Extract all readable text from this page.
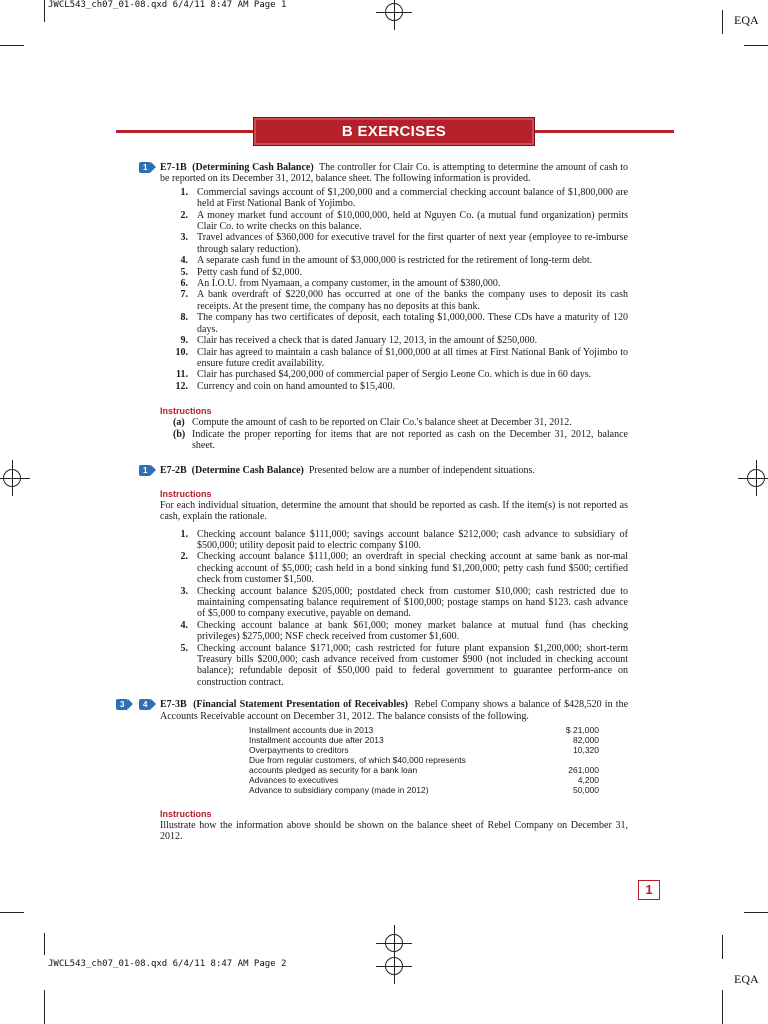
JWCL543_ch07_01-08.qxd 6/4/11 8:47 AM Page 1
EQA
JWCL543_ch07_01-08.qxd 6/4/11 8:47 AM Page 2
EQA
B EXERCISES
1	E7-1B (Determining Cash Balance) The controller for Clair Co. is attempting to determine the amount of cash to be reported on its December 31, 2012, balance sheet. The following information is provided.
1. Commercial savings account of $1,200,000 and a commercial checking account balance of $1,800,000 are held at First National Bank of Yojimbo.
2. A money market fund account of $10,000,000, held at Nguyen Co. (a mutual fund organization) permits Clair Co. to write checks on this balance.
3. Travel advances of $360,000 for executive travel for the first quarter of next year (employee to re-imburse through salary reduction).
4. A separate cash fund in the amount of $3,000,000 is restricted for the retirement of long-term debt.
5. Petty cash fund of $2,000.
6. An I.O.U. from Nyamaan, a company customer, in the amount of $380,000.
7. A bank overdraft of $220,000 has occurred at one of the banks the company uses to deposit its cash receipts. At the present time, the company has no deposits at this bank.
8. The company has two certificates of deposit, each totaling $1,000,000. These CDs have a maturity of 120 days.
9. Clair has received a check that is dated January 12, 2013, in the amount of $250,000.
10. Clair has agreed to maintain a cash balance of $1,000,000 at all times at First National Bank of Yojimbo to ensure future credit availability.
11. Clair has purchased $4,200,000 of commercial paper of Sergio Leone Co. which is due in 60 days.
12. Currency and coin on hand amounted to $15,400.
Instructions
(a) Compute the amount of cash to be reported on Clair Co.'s balance sheet at December 31, 2012.
(b) Indicate the proper reporting for items that are not reported as cash on the December 31, 2012, balance sheet.
1	E7-2B (Determine Cash Balance) Presented below are a number of independent situations.
Instructions

For each individual situation, determine the amount that should be reported as cash. If the item(s) is not reported as cash, explain the rationale.

1. Checking account balance $111,000; savings account balance $212,000; cash advance to subsidiary of $500,000; utility deposit paid to electric company $100.
2. Checking account balance $111,000; an overdraft in special checking account at same bank as nor-mal checking account of $5,000; cash held in a bond sinking fund $1,200,000; petty cash fund $500; certified check from customer $1,500.
3. Checking account balance $205,000; postdated check from customer $10,000; cash restricted due to maintaining compensating balance requirement of $100,000; postage stamps on hand $123. cash advance of $5,000 to company executive, payable on demand.
4. Checking account balance at bank $61,000; money market balance at mutual fund (has checking privileges) $275,000; NSF check received from customer $1,600.
5. Checking account balance $171,000; cash restricted for future plant expansion $1,200,000; short-term Treasury bills $200,000; cash advance received from customer $900 (not included in checking account balance); refundable deposit of $50,000 paid to federal government to guarantee perform-ance on construction contract.
3	4	E7-3B (Financial Statement Presentation of Receivables) Rebel Company shows a balance of $428,520 in the Accounts Receivable account on December 31, 2012. The balance consists of the following.
Installment accounts due in 2013	$ 21,000
Installment accounts due after 2013	82,000
Overpayments to creditors	10,320
Due from regular customers, of which $40,000 represents	
accounts pledged as security for a bank loan	261,000
Advances to executives	4,200
Advance to subsidiary company (made in 2012)	50,000
Instructions

Illustrate how the information above should be shown on the balance sheet of Rebel Company on December 31, 2012.

1
